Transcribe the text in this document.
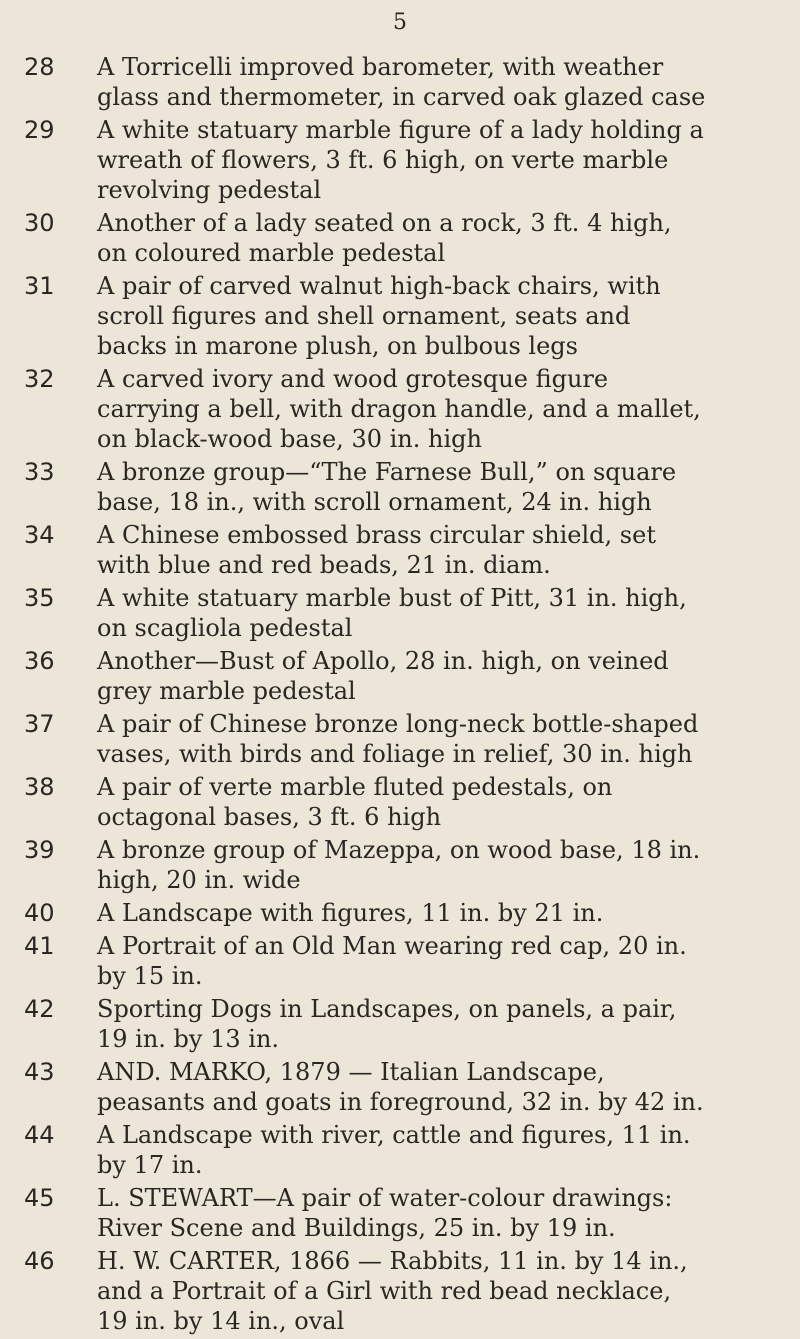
5
28	A Torricelli improved barometer, with weather glass and thermometer, in carved oak glazed case
29	A white statuary marble figure of a lady holding a wreath of flowers, 3 ft. 6 high, on verte marble revolving pedestal
30	Another of a lady seated on a rock, 3 ft. 4 high, on coloured marble pedestal
31	A pair of carved walnut high-back chairs, with scroll figures and shell ornament, seats and backs in marone plush, on bulbous legs
32	A carved ivory and wood grotesque figure carrying a bell, with dragon handle, and a mallet, on black-wood base, 30 in. high
33	A bronze group—“The Farnese Bull,” on square base, 18 in., with scroll ornament, 24 in. high
34	A Chinese embossed brass circular shield, set with blue and red beads, 21 in. diam.
35	A white statuary marble bust of Pitt, 31 in. high, on scagliola pedestal
36	Another—Bust of Apollo, 28 in. high, on veined grey marble pedestal
37	A pair of Chinese bronze long-neck bottle-shaped vases, with birds and foliage in relief, 30 in. high
38	A pair of verte marble fluted pedestals, on octagonal bases, 3 ft. 6 high
39	A bronze group of Mazeppa, on wood base, 18 in. high, 20 in. wide
40	A Landscape with figures, 11 in. by 21 in.
41	A Portrait of an Old Man wearing red cap, 20 in. by 15 in.
42	Sporting Dogs in Landscapes, on panels, a pair, 19 in. by 13 in.
43	AND. MARKO, 1879 — Italian Landscape, peasants and goats in foreground, 32 in. by 42 in.
44	A Landscape with river, cattle and figures, 11 in. by 17 in.
45	L. STEWART—A pair of water-colour drawings: River Scene and Buildings, 25 in. by 19 in.
46	H. W. CARTER, 1866 — Rabbits, 11 in. by 14 in., and a Portrait of a Girl with red bead necklace, 19 in. by 14 in., oval
